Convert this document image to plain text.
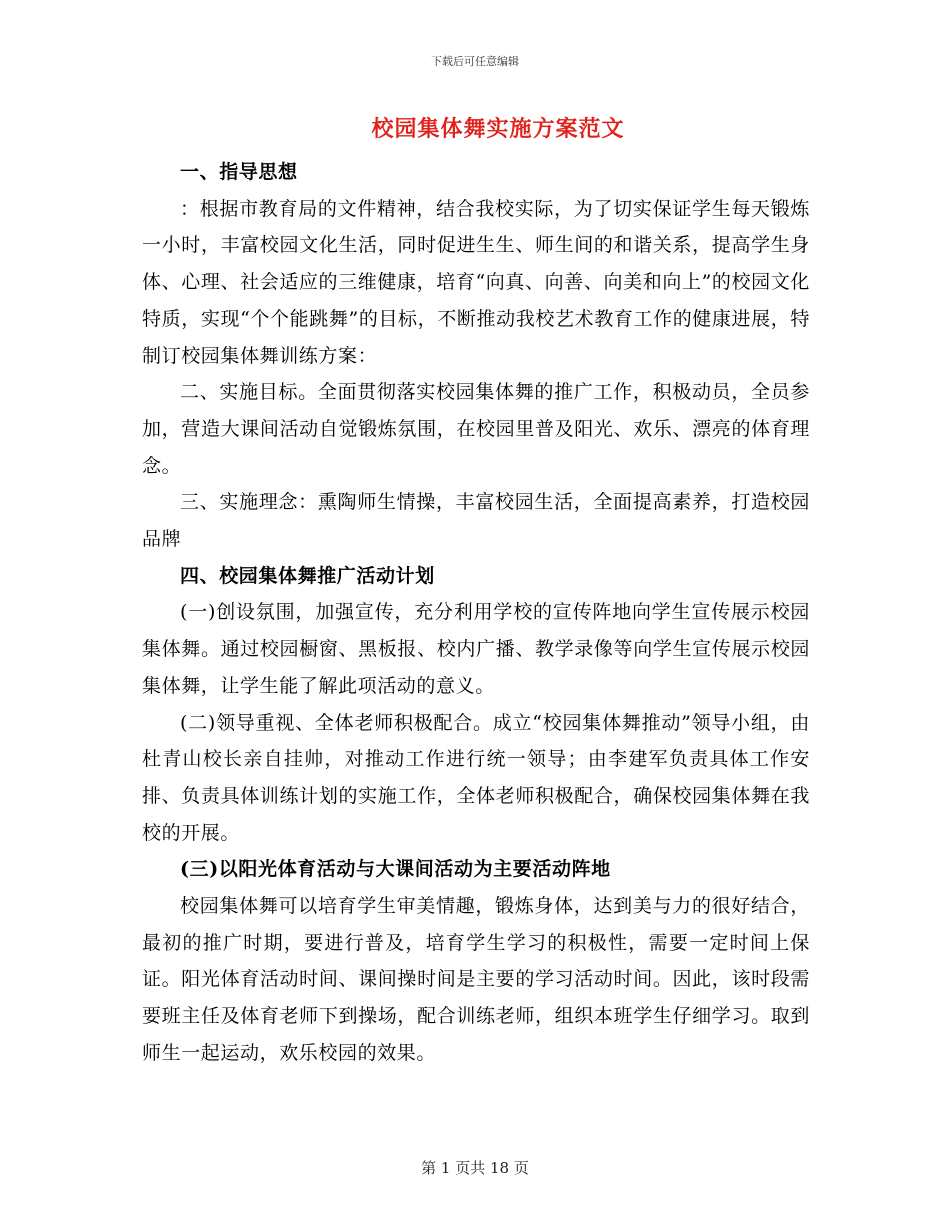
下载后可任意编辑
校园集体舞实施方案范文

一、指导思想

：根据市教育局的文件精神，结合我校实际，为了切实保证学生每天锻炼一小时，丰富校园文化生活，同时促进生生、师生间的和谐关系，提高学生身体、心理、社会适应的三维健康，培育“向真、向善、向美和向上”的校园文化特质，实现“个个能跳舞”的目标，不断推动我校艺术教育工作的健康进展，特制订校园集体舞训练方案：

二、实施目标。全面贯彻落实校园集体舞的推广工作，积极动员，全员参加，营造大课间活动自觉锻炼氛围，在校园里普及阳光、欢乐、漂亮的体育理念。

三、实施理念：熏陶师生情操，丰富校园生活，全面提高素养，打造校园品牌

四、校园集体舞推广活动计划

(一)创设氛围，加强宣传，充分利用学校的宣传阵地向学生宣传展示校园集体舞。通过校园橱窗、黑板报、校内广播、教学录像等向学生宣传展示校园集体舞，让学生能了解此项活动的意义。

(二)领导重视、全体老师积极配合。成立“校园集体舞推动”领导小组，由杜青山校长亲自挂帅，对推动工作进行统一领导；由李建军负责具体工作安排、负责具体训练计划的实施工作，全体老师积极配合，确保校园集体舞在我校的开展。

(三)以阳光体育活动与大课间活动为主要活动阵地

校园集体舞可以培育学生审美情趣，锻炼身体，达到美与力的很好结合，最初的推广时期，要进行普及，培育学生学习的积极性，需要一定时间上保证。阳光体育活动时间、课间操时间是主要的学习活动时间。因此，该时段需要班主任及体育老师下到操场，配合训练老师，组织本班学生仔细学习。取到师生一起运动，欢乐校园的效果。

第 1 页共 18 页
